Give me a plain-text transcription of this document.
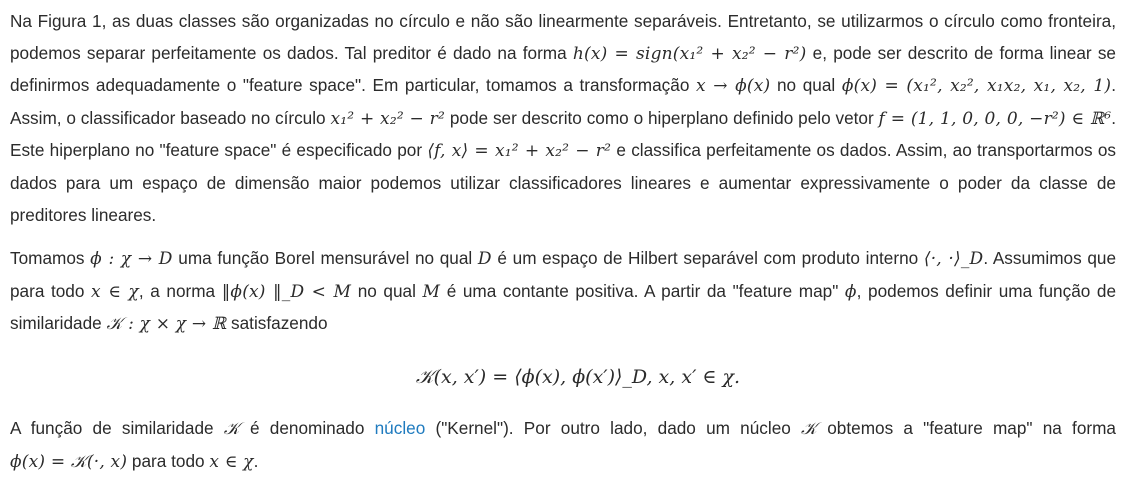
Na Figura 1, as duas classes são organizadas no círculo e não são linearmente separáveis. Entretanto, se utilizarmos o círculo como fronteira, podemos separar perfeitamente os dados. Tal preditor é dado na forma h(x) = sign(x₁² + x₂² − r²) e, pode ser descrito de forma linear se definirmos adequadamente o "feature space". Em particular, tomamos a transformação x → ϕ(x) no qual ϕ(x) = (x₁², x₂², x₁x₂, x₁, x₂, 1). Assim, o classificador baseado no círculo x₁² + x₂² − r² pode ser descrito como o hiperplano definido pelo vetor f = (1, 1, 0, 0, 0, −r²) ∈ ℝ⁶. Este hiperplano no "feature space" é especificado por ⟨f, x⟩ = x₁² + x₂² − r² e classifica perfeitamente os dados. Assim, ao transportarmos os dados para um espaço de dimensão maior podemos utilizar classificadores lineares e aumentar expressivamente o poder da classe de preditores lineares.

Tomamos ϕ : χ → D uma função Borel mensurável no qual D é um espaço de Hilbert separável com produto interno ⟨·, ·⟩_D. Assumimos que para todo x ∈ χ, a norma ‖ϕ(x) ‖_D < M no qual M é uma contante positiva. A partir da "feature map" ϕ, podemos definir uma função de similaridade 𝒦 : χ × χ → ℝ satisfazendo

𝒦(x, x′) = ⟨ϕ(x), ϕ(x′)⟩_D, x, x′ ∈ χ.

A função de similaridade 𝒦 é denominado núcleo ("Kernel"). Por outro lado, dado um núcleo 𝒦 obtemos a "feature map" na forma ϕ(x) = 𝒦(·, x) para todo x ∈ χ.
